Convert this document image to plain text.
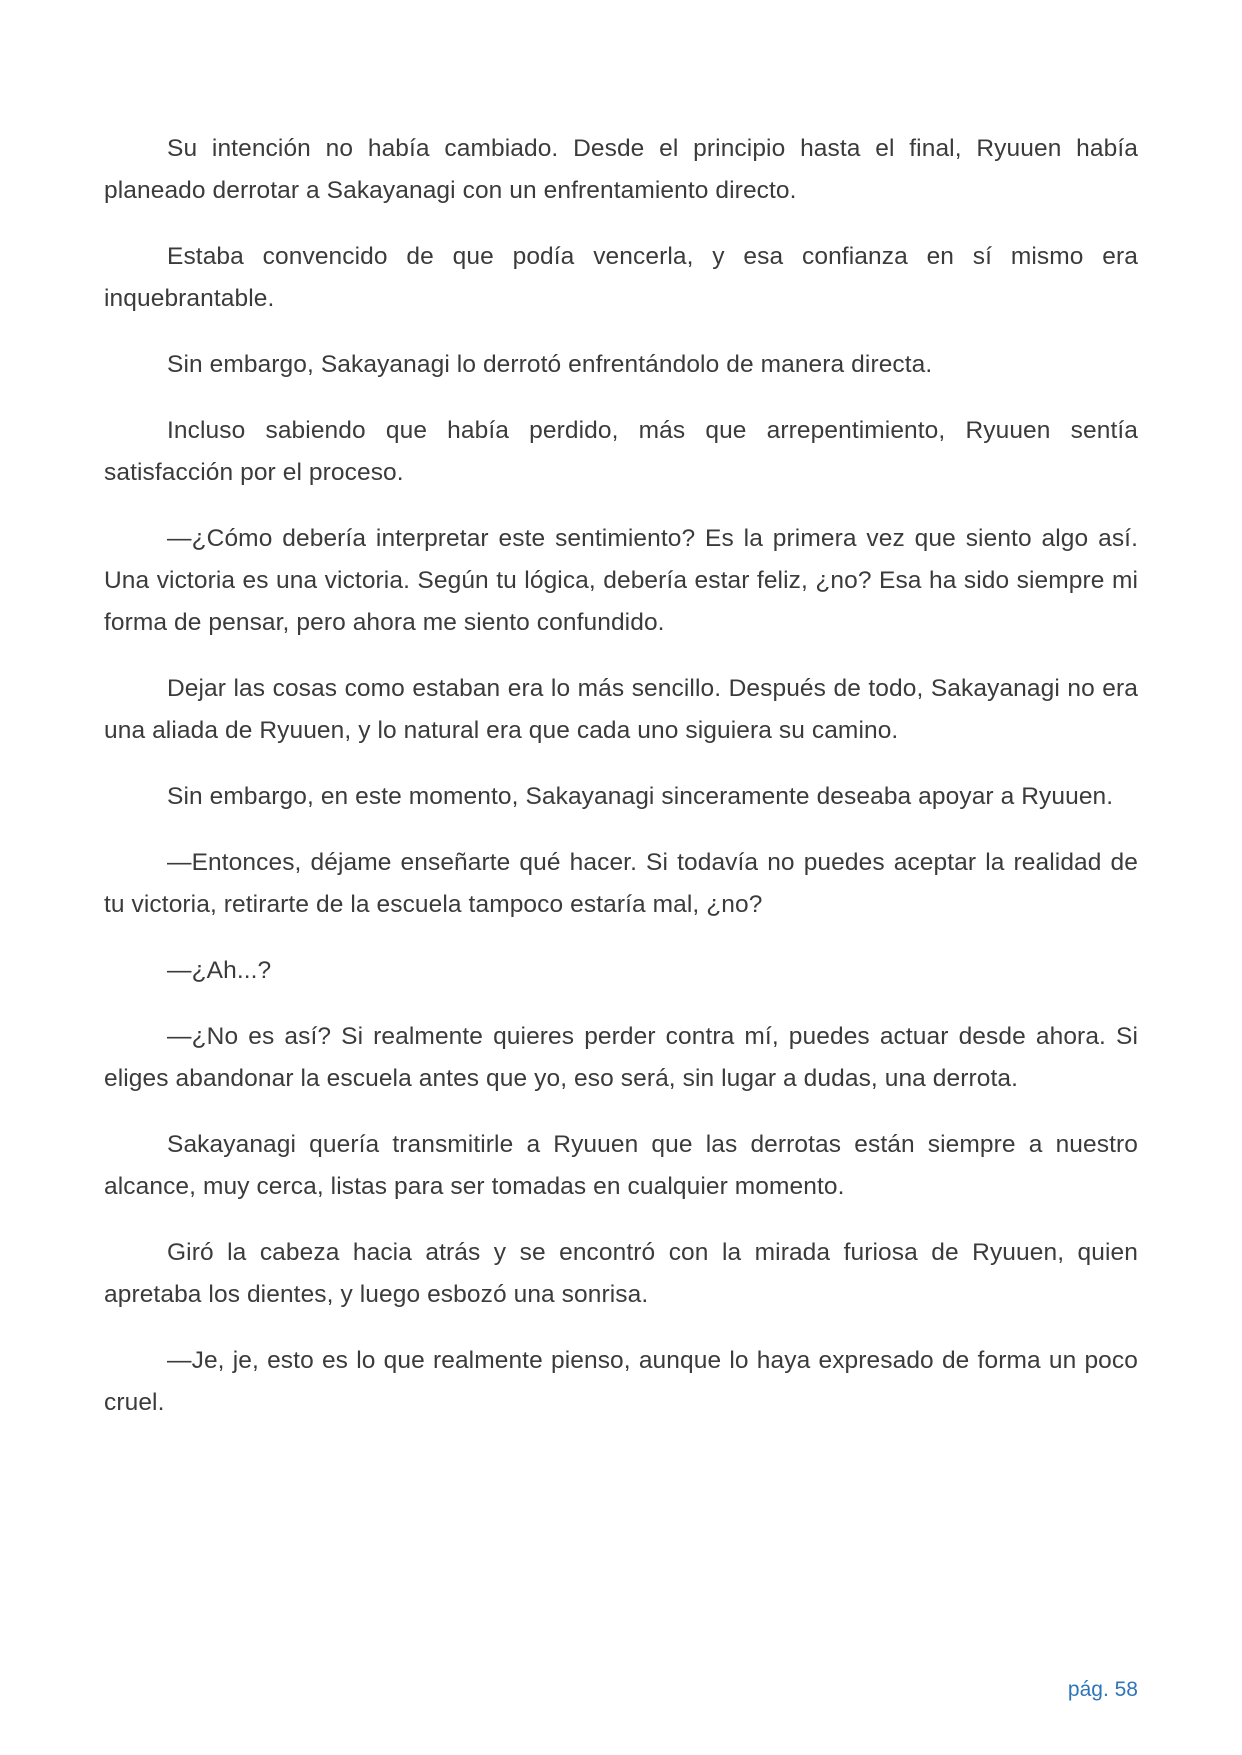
Su intención no había cambiado. Desde el principio hasta el final, Ryuuen había planeado derrotar a Sakayanagi con un enfrentamiento directo.

Estaba convencido de que podía vencerla, y esa confianza en sí mismo era inquebrantable.

Sin embargo, Sakayanagi lo derrotó enfrentándolo de manera directa.

Incluso sabiendo que había perdido, más que arrepentimiento, Ryuuen sentía satisfacción por el proceso.

—¿Cómo debería interpretar este sentimiento? Es la primera vez que siento algo así. Una victoria es una victoria. Según tu lógica, debería estar feliz, ¿no? Esa ha sido siempre mi forma de pensar, pero ahora me siento confundido.

Dejar las cosas como estaban era lo más sencillo. Después de todo, Sakayanagi no era una aliada de Ryuuen, y lo natural era que cada uno siguiera su camino.

Sin embargo, en este momento, Sakayanagi sinceramente deseaba apoyar a Ryuuen.

—Entonces, déjame enseñarte qué hacer. Si todavía no puedes aceptar la realidad de tu victoria, retirarte de la escuela tampoco estaría mal, ¿no?

—¿Ah...?

—¿No es así? Si realmente quieres perder contra mí, puedes actuar desde ahora. Si eliges abandonar la escuela antes que yo, eso será, sin lugar a dudas, una derrota.

Sakayanagi quería transmitirle a Ryuuen que las derrotas están siempre a nuestro alcance, muy cerca, listas para ser tomadas en cualquier momento.

Giró la cabeza hacia atrás y se encontró con la mirada furiosa de Ryuuen, quien apretaba los dientes, y luego esbozó una sonrisa.

—Je, je, esto es lo que realmente pienso, aunque lo haya expresado de forma un poco cruel.

pág. 58
